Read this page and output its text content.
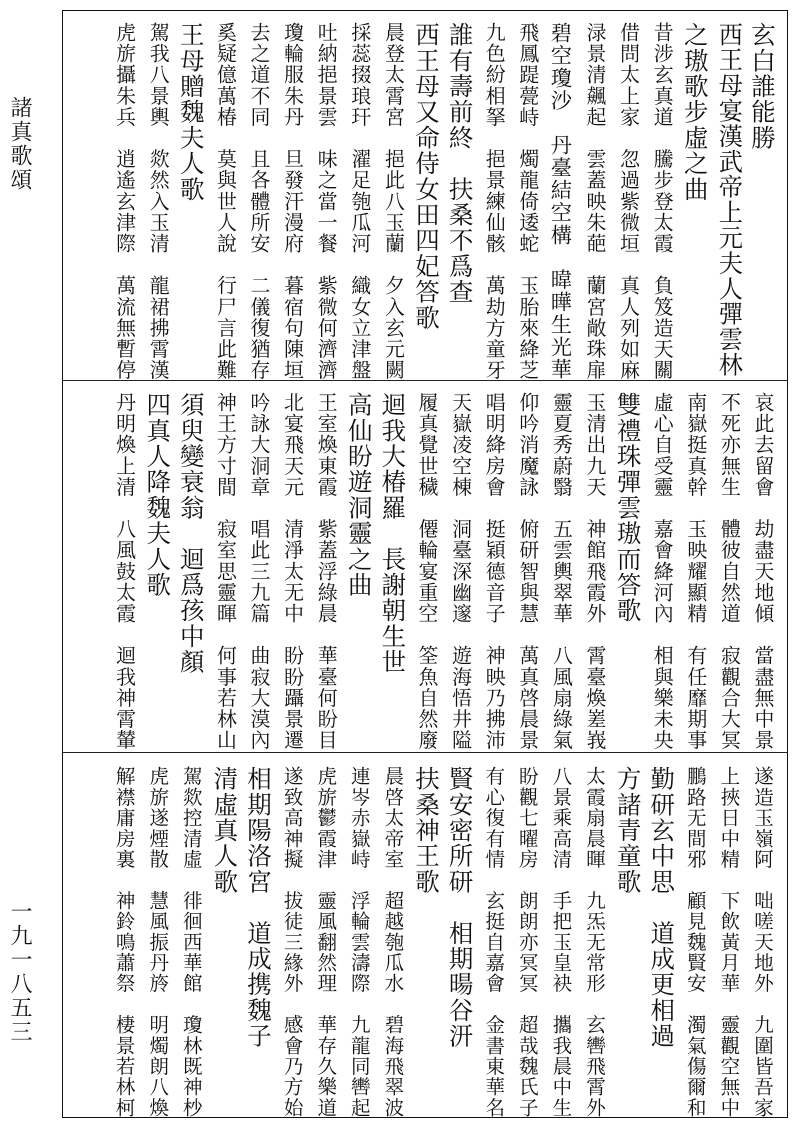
諸真歌頌
一九一八五三
玄白誰能勝
西王母宴漢武帝上元夫人彈雲林
之璈歌步虛之曲
昔涉玄真道　騰步登太霞　負笈造天關
借問太上家　忽過紫微垣　真人列如麻
渌景清飆起　雲蓋映朱葩　蘭宮敞珠扉
碧空瓊沙　丹臺結空構　暐曄生光華
飛鳳踶甍峙　燭龍倚逶蛇　玉胎來絳芝
九色紛相拏　挹景練仙骸　萬劫方童牙
誰有壽前終　扶桑不爲查
西王母又命侍女田四妃答歌
晨登太霄宮　挹此八玉蘭　夕入玄元闕
採蕊掇琅玕　濯足匏瓜河　織女立津盤
吐納挹景雲　味之當一餐　紫微何濟濟
瓊輪服朱丹　旦發汗漫府　暮宿句陳垣
去之道不同　且各體所安　二儀復猶存
奚疑億萬椿　莫與世人說　行尸言此難
王母贈魏夫人歌
駕我八景輿　欻然入玉清　龍裙拂霄漢
虎旂攝朱兵　逍遙玄津際　萬流無暫停
哀此去留會　劫盡天地傾　當盡無中景
不死亦無生　體彼自然道　寂觀合大冥
南嶽挺真幹　玉映耀顯精　有任靡期事
虛心自受靈　嘉會絳河內　相與樂未央
雙禮珠彈雲璈而答歌
玉清出九天　神館飛霞外　霄臺煥嵳峩
靈夏秀蔚翳　五雲輿翠華　八風扇綠氣
仰吟消魔詠　俯研智與慧　萬真啓晨景
唱明絳房會　挺穎德音子　神映乃拂沛
天嶽凌空棟　洞臺深幽邃　遊海悟井隘
履真覺世穢　僊輪宴重空　筌魚自然廢
迴我大椿羅　長謝朝生世
高仙盼遊洞靈之曲
王室煥東霞　紫蓋浮綠晨　華臺何盼目
北宴飛天元　清淨太无中　盼盼躡景遷
吟詠大洞章　唱此三九篇　曲寂大漠內
神王方寸間　寂室思靈暉　何事若林山
須臾變衰翁　迴爲孩中顏
四真人降魏夫人歌
丹明煥上清　八風鼓太霞　迴我神霄輦
遂造玉嶺阿　咄嗟天地外　九圍皆吾家
上挾日中精　下飲黃月華　靈觀空無中
鵬路无間邪　顧見魏賢安　濁氣傷爾和
勤研玄中思　道成更相過
方諸青童歌
太霞扇晨暉　九炁无常形　玄轡飛霄外
八景乘高清　手把玉皇袂　攜我晨中生
盼觀七曜房　朗朗亦冥冥　超哉魏氏子
有心復有情　玄挺自嘉會　金書東華名
賢安密所研　相期暘谷汧
扶桑神王歌
晨啓太帝室　超越匏瓜水　碧海飛翠波
連岑赤嶽峙　浮輪雲濤際　九龍同轡起
虎旂鬱霞津　靈風翻然理　華存久樂道
遂致高神擬　拔徒三緣外　感會乃方始
相期陽洛宮　道成携魏子
清虛真人歌
駕欻控清虛　徘徊西華館　瓊林既神杪
虎旂遂煙散　慧風振丹旍　明燭朗八煥
解襟庸房裏　神鈴鳴蕭祭　棲景若林柯
